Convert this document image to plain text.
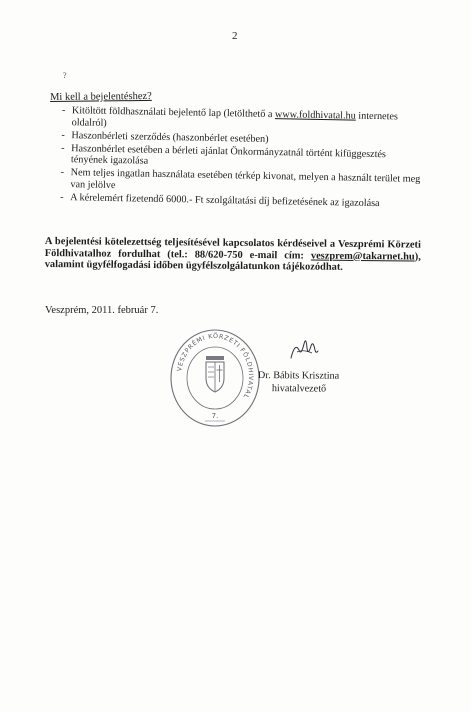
2
?
Mi kell a bejelentéshez?
- Kitöltött földhasználati bejelentő lap (letölthető a www.foldhivatal.hu internetes oldalról)
- Haszonbérleti szerződés (haszonbérlet esetében)
- Haszonbérlet esetében a bérleti ajánlat Önkormányzatnál történt kifüggesztés tényének igazolása
- Nem teljes ingatlan használata esetében térkép kivonat, melyen a használt terület meg van jelölve
- A kérelemért fizetendő 6000.- Ft szolgáltatási díj befizetésének az igazolása
A bejelentési kötelezettség teljesítésével kapcsolatos kérdéseivel a Veszprémi Körzeti Földhivatalhoz fordulhat (tel.: 88/620-750 e-mail cím: veszprem@takarnet.hu), valamint ügyfélfogadási időben ügyfélszolgálatunkon tájékozódhat.
Veszprém, 2011. február 7.
VESZPRÉMI KÖRZETI FÖLDHIVATAL
7.
Dr. Bábits Krisztina
hivatalvezető
